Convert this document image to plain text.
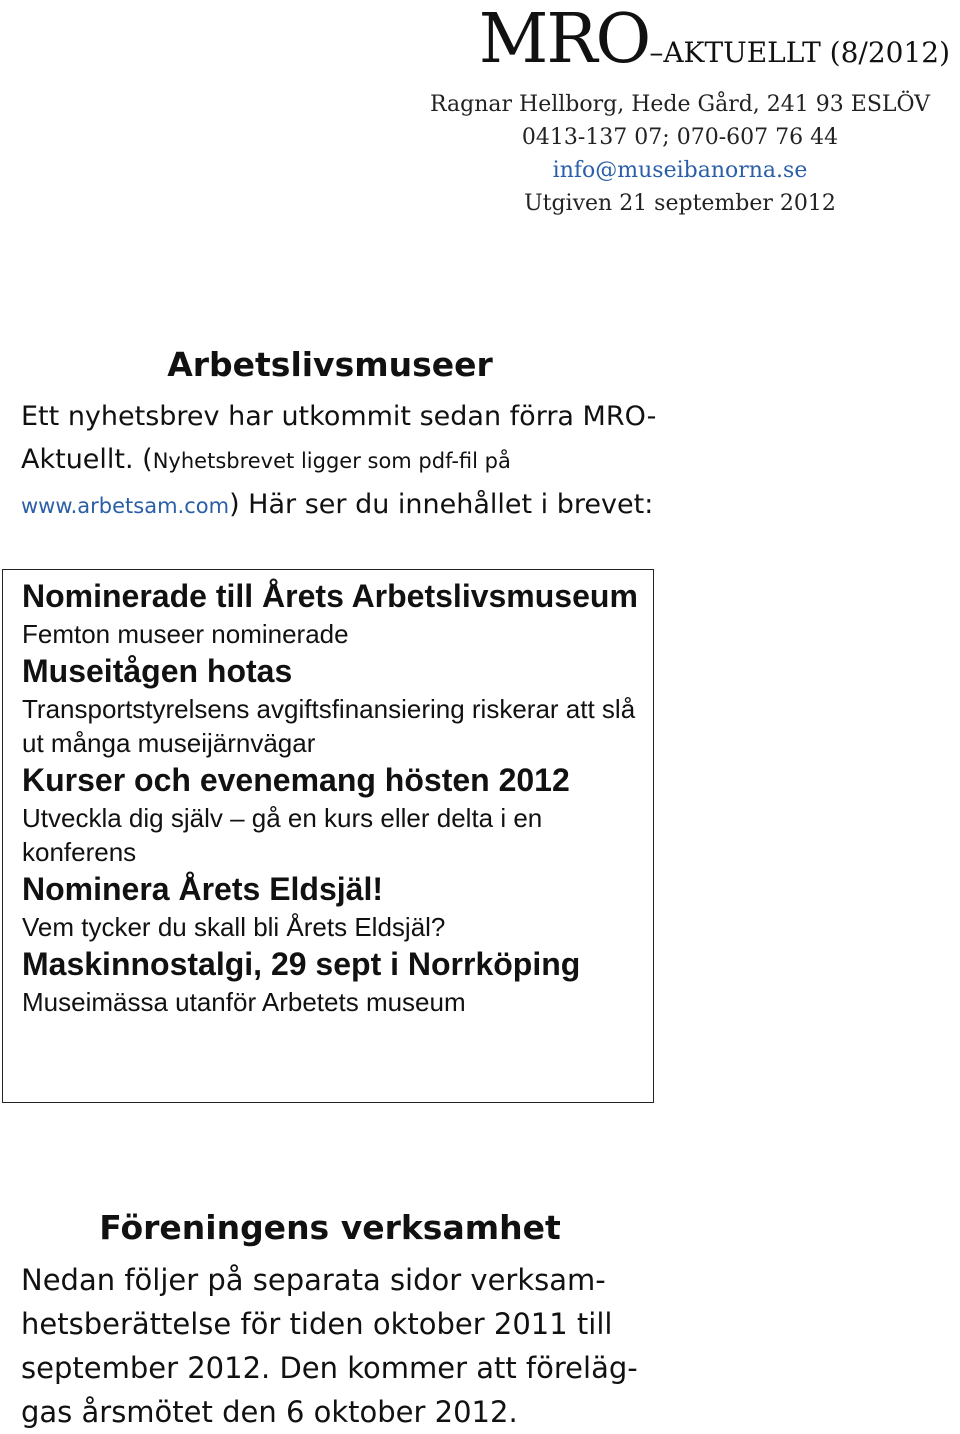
MRO–AKTUELLT (8/2012)
Ragnar Hellborg, Hede Gård, 241 93 ESLÖV
0413-137 07; 070-607 76 44
info@museibanorna.se
Utgiven 21 september 2012
Arbetslivsmuseer
Ett nyhetsbrev har utkommit sedan förra MRO-Aktuellt. (Nyhetsbrevet ligger som pdf-fil på www.arbetsam.com) Här ser du innehållet i brevet:
Nominerade till Årets Arbetslivsmuseum
Femton museer nominerade
Museitågen hotas
Transportstyrelsens avgiftsfinansiering riskerar att slå ut många museijärnvägar
Kurser och evenemang hösten 2012
Utveckla dig själv – gå en kurs eller delta i en konferens
Nominera Årets Eldsjäl!
Vem tycker du skall bli Årets Eldsjäl?
Maskinnostalgi, 29 sept i Norrköping
Museimässa utanför Arbetets museum
Föreningens verksamhet
Nedan följer på separata sidor verksam-
hetsberättelse för tiden oktober 2011 till
september 2012. Den kommer att föreläg-
gas årsmötet den 6 oktober 2012.
